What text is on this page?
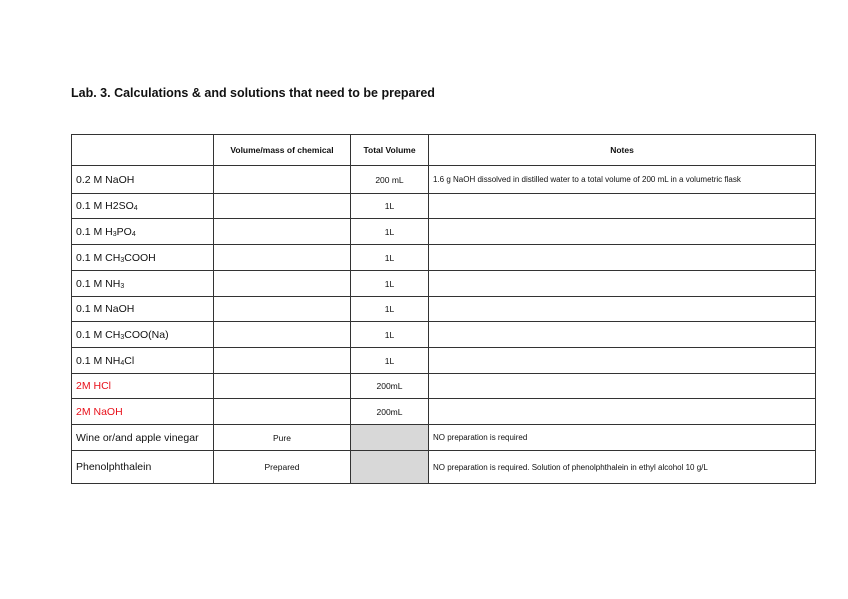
Lab. 3. Calculations & and solutions that need to be prepared
	Volume/mass of chemical	Total Volume	Notes
0.2 M NaOH		200 mL	1.6 g NaOH dissolved in distilled water to a total volume of 200 mL in a volumetric flask
0.1 M H2SO4		1L	
0.1 M H3PO4		1L	
0.1 M CH3COOH		1L	
0.1 M NH3		1L	
0.1 M NaOH		1L	
0.1 M CH3COO(Na)		1L	
0.1 M NH4Cl		1L	
2M HCl		200mL	
2M NaOH		200mL	
Wine or/and apple vinegar	Pure		NO preparation is required
Phenolphthalein	Prepared		NO preparation is required. Solution of phenolphthalein in ethyl alcohol 10 g/L
